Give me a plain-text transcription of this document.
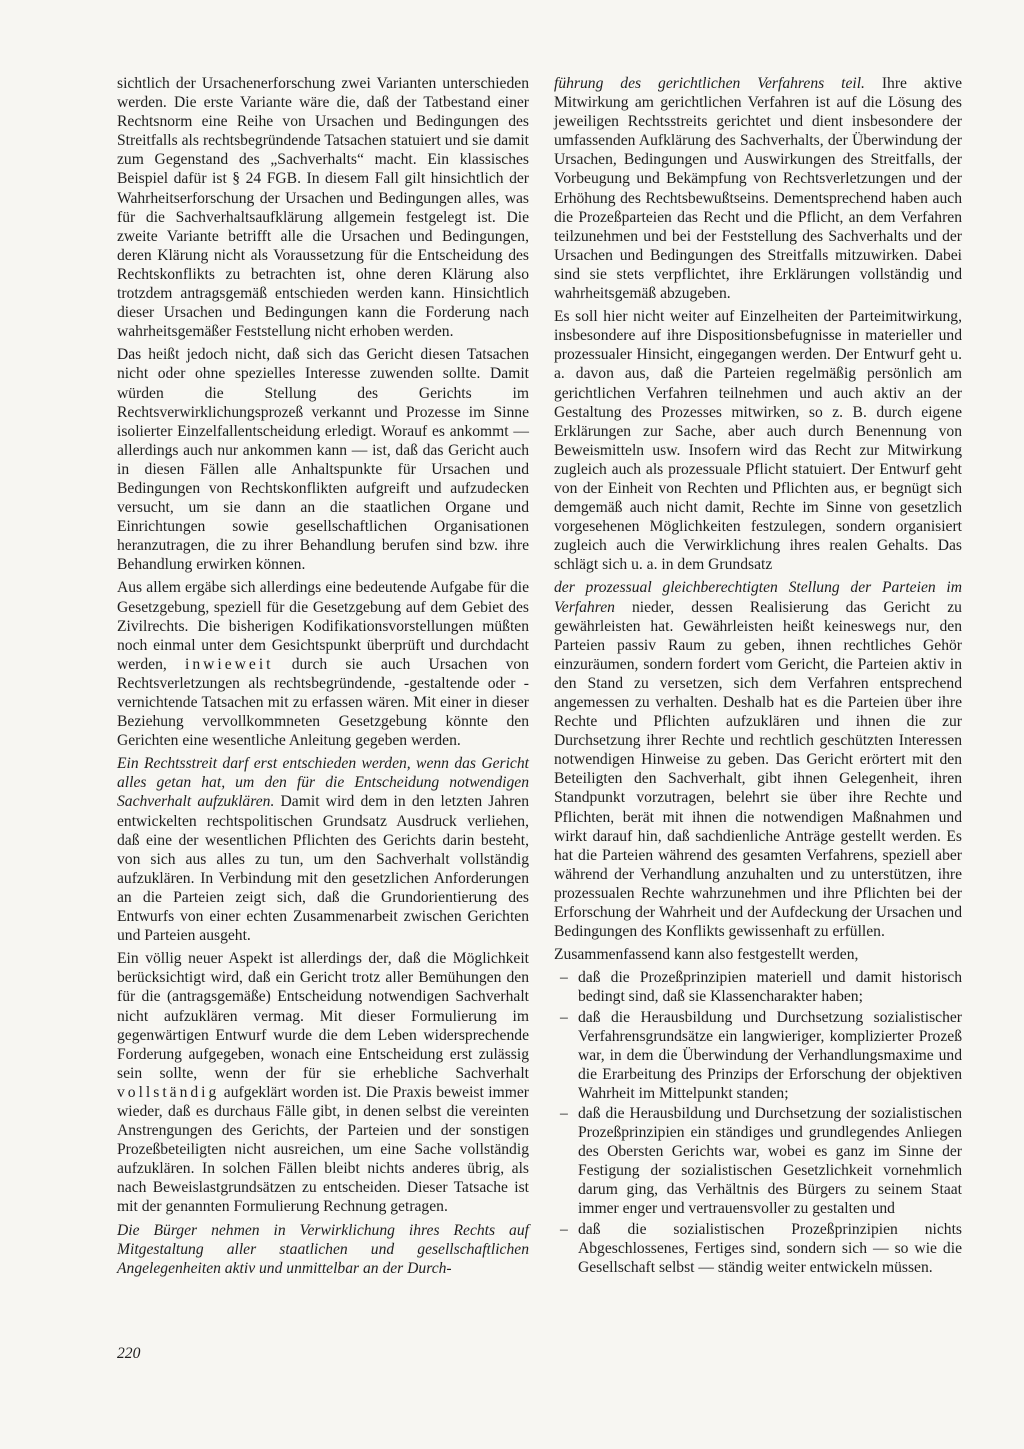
sichtlich der Ursachenerforschung zwei Varianten unterschieden werden. Die erste Variante wäre die, daß der Tatbestand einer Rechtsnorm eine Reihe von Ursachen und Bedingungen des Streitfalls als rechtsbegründende Tatsachen statuiert und sie damit zum Gegenstand des „Sachverhalts“ macht. Ein klassisches Beispiel dafür ist § 24 FGB. In diesem Fall gilt hinsichtlich der Wahrheitserforschung der Ursachen und Bedingungen alles, was für die Sachverhaltsaufklärung allgemein festgelegt ist. Die zweite Variante betrifft alle die Ursachen und Bedingungen, deren Klärung nicht als Voraussetzung für die Entscheidung des Rechtskonflikts zu betrachten ist, ohne deren Klärung also trotzdem antragsgemäß entschieden werden kann. Hinsichtlich dieser Ursachen und Bedingungen kann die Forderung nach wahrheitsgemäßer Feststellung nicht erhoben werden.

Das heißt jedoch nicht, daß sich das Gericht diesen Tatsachen nicht oder ohne spezielles Interesse zuwenden sollte. Damit würden die Stellung des Gerichts im Rechtsverwirklichungsprozeß verkannt und Prozesse im Sinne isolierter Einzelfallentscheidung erledigt. Worauf es ankommt — allerdings auch nur ankommen kann — ist, daß das Gericht auch in diesen Fällen alle Anhaltspunkte für Ursachen und Bedingungen von Rechtskonflikten aufgreift und aufzudecken versucht, um sie dann an die staatlichen Organe und Einrichtungen sowie gesellschaftlichen Organisationen heranzutragen, die zu ihrer Behandlung berufen sind bzw. ihre Behandlung erwirken können.

Aus allem ergäbe sich allerdings eine bedeutende Aufgabe für die Gesetzgebung, speziell für die Gesetzgebung auf dem Gebiet des Zivilrechts. Die bisherigen Kodifikationsvorstellungen müßten noch einmal unter dem Gesichtspunkt überprüft und durchdacht werden, inwieweit durch sie auch Ursachen von Rechtsverletzungen als rechtsbegründende, -gestaltende oder -vernichtende Tatsachen mit zu erfassen wären. Mit einer in dieser Beziehung vervollkommneten Gesetzgebung könnte den Gerichten eine wesentliche Anleitung gegeben werden.

Ein Rechtsstreit darf erst entschieden werden, wenn das Gericht alles getan hat, um den für die Entscheidung notwendigen Sachverhalt aufzuklären. Damit wird dem in den letzten Jahren entwickelten rechtspolitischen Grundsatz Ausdruck verliehen, daß eine der wesentlichen Pflichten des Gerichts darin besteht, von sich aus alles zu tun, um den Sachverhalt vollständig aufzuklären. In Verbindung mit den gesetzlichen Anforderungen an die Parteien zeigt sich, daß die Grundorientierung des Entwurfs von einer echten Zusammenarbeit zwischen Gerichten und Parteien ausgeht.

Ein völlig neuer Aspekt ist allerdings der, daß die Möglichkeit berücksichtigt wird, daß ein Gericht trotz aller Bemühungen den für die (antragsgemäße) Entscheidung notwendigen Sachverhalt nicht aufzuklären vermag. Mit dieser Formulierung im gegenwärtigen Entwurf wurde die dem Leben widersprechende Forderung aufgegeben, wonach eine Entscheidung erst zulässig sein sollte, wenn der für sie erhebliche Sachverhalt vollständig aufgeklärt worden ist. Die Praxis beweist immer wieder, daß es durchaus Fälle gibt, in denen selbst die vereinten Anstrengungen des Gerichts, der Parteien und der sonstigen Prozeßbeteiligten nicht ausreichen, um eine Sache vollständig aufzuklären. In solchen Fällen bleibt nichts anderes übrig, als nach Beweislastgrundsätzen zu entscheiden. Dieser Tatsache ist mit der genannten Formulierung Rechnung getragen.

Die Bürger nehmen in Verwirklichung ihres Rechts auf Mitgestaltung aller staatlichen und gesellschaftlichen Angelegenheiten aktiv und unmittelbar an der Durch-

führung des gerichtlichen Verfahrens teil. Ihre aktive Mitwirkung am gerichtlichen Verfahren ist auf die Lösung des jeweiligen Rechtsstreits gerichtet und dient insbesondere der umfassenden Aufklärung des Sachverhalts, der Überwindung der Ursachen, Bedingungen und Auswirkungen des Streitfalls, der Vorbeugung und Bekämpfung von Rechtsverletzungen und der Erhöhung des Rechtsbewußtseins. Dementsprechend haben auch die Prozeßparteien das Recht und die Pflicht, an dem Verfahren teilzunehmen und bei der Feststellung des Sachverhalts und der Ursachen und Bedingungen des Streitfalls mitzuwirken. Dabei sind sie stets verpflichtet, ihre Erklärungen vollständig und wahrheitsgemäß abzugeben.

Es soll hier nicht weiter auf Einzelheiten der Parteimitwirkung, insbesondere auf ihre Dispositionsbefugnisse in materieller und prozessualer Hinsicht, eingegangen werden. Der Entwurf geht u. a. davon aus, daß die Parteien regelmäßig persönlich am gerichtlichen Verfahren teilnehmen und auch aktiv an der Gestaltung des Prozesses mitwirken, so z. B. durch eigene Erklärungen zur Sache, aber auch durch Benennung von Beweismitteln usw. Insofern wird das Recht zur Mitwirkung zugleich auch als prozessuale Pflicht statuiert. Der Entwurf geht von der Einheit von Rechten und Pflichten aus, er begnügt sich demgemäß auch nicht damit, Rechte im Sinne von gesetzlich vorgesehenen Möglichkeiten festzulegen, sondern organisiert zugleich auch die Verwirklichung ihres realen Gehalts. Das schlägt sich u. a. in dem Grundsatz

der prozessual gleichberechtigten Stellung der Parteien im Verfahren nieder, dessen Realisierung das Gericht zu gewährleisten hat. Gewährleisten heißt keineswegs nur, den Parteien passiv Raum zu geben, ihnen rechtliches Gehör einzuräumen, sondern fordert vom Gericht, die Parteien aktiv in den Stand zu versetzen, sich dem Verfahren entsprechend angemessen zu verhalten. Deshalb hat es die Parteien über ihre Rechte und Pflichten aufzuklären und ihnen die zur Durchsetzung ihrer Rechte und rechtlich geschützten Interessen notwendigen Hinweise zu geben. Das Gericht erörtert mit den Beteiligten den Sachverhalt, gibt ihnen Gelegenheit, ihren Standpunkt vorzutragen, belehrt sie über ihre Rechte und Pflichten, berät mit ihnen die notwendigen Maßnahmen und wirkt darauf hin, daß sachdienliche Anträge gestellt werden. Es hat die Parteien während des gesamten Verfahrens, speziell aber während der Verhandlung anzuhalten und zu unterstützen, ihre prozessualen Rechte wahrzunehmen und ihre Pflichten bei der Erforschung der Wahrheit und der Aufdeckung der Ursachen und Bedingungen des Konflikts gewissenhaft zu erfüllen.

Zusammenfassend kann also festgestellt werden,

– daß die Prozeßprinzipien materiell und damit historisch bedingt sind, daß sie Klassencharakter haben;
– daß die Herausbildung und Durchsetzung sozialistischer Verfahrensgrundsätze ein langwieriger, komplizierter Prozeß war, in dem die Überwindung der Verhandlungsmaxime und die Erarbeitung des Prinzips der Erforschung der objektiven Wahrheit im Mittelpunkt standen;
– daß die Herausbildung und Durchsetzung der sozialistischen Prozeßprinzipien ein ständiges und grundlegendes Anliegen des Obersten Gerichts war, wobei es ganz im Sinne der Festigung der sozialistischen Gesetzlichkeit vornehmlich darum ging, das Verhältnis des Bürgers zu seinem Staat immer enger und vertrauensvoller zu gestalten und
– daß die sozialistischen Prozeßprinzipien nichts Abgeschlossenes, Fertiges sind, sondern sich — so wie die Gesellschaft selbst — ständig weiter entwickeln müssen.
220
